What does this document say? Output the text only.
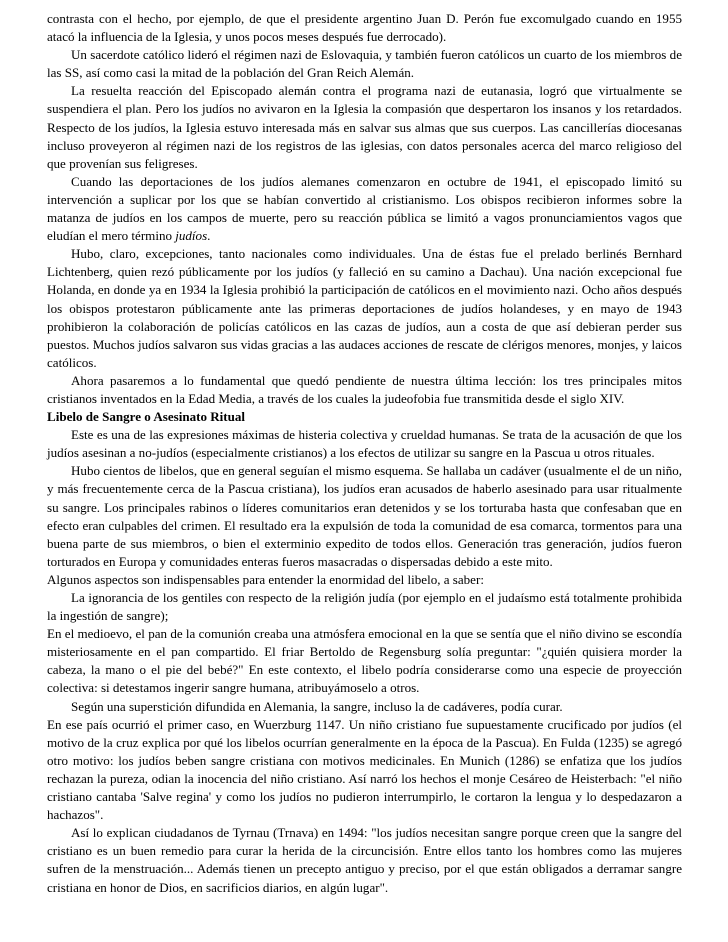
contrasta con el hecho, por ejemplo, de que el presidente argentino Juan D. Perón fue excomulgado cuando en 1955 atacó la influencia de la Iglesia, y unos pocos meses después fue derrocado).

Un sacerdote católico lideró el régimen nazi de Eslovaquia, y también fueron católicos un cuarto de los miembros de las SS, así como casi la mitad de la población del Gran Reich Alemán.

La resuelta reacción del Episcopado alemán contra el programa nazi de eutanasia, logró que virtualmente se suspendiera el plan. Pero los judíos no avivaron en la Iglesia la compasión que despertaron los insanos y los retardados. Respecto de los judíos, la Iglesia estuvo interesada más en salvar sus almas que sus cuerpos. Las cancillerías diocesanas incluso proveyeron al régimen nazi de los registros de las iglesias, con datos personales acerca del marco religioso del que provenían sus feligreses.

Cuando las deportaciones de los judíos alemanes comenzaron en octubre de 1941, el episcopado limitó su intervención a suplicar por los que se habían convertido al cristianismo. Los obispos recibieron informes sobre la matanza de judíos en los campos de muerte, pero su reacción pública se limitó a vagos pronunciamientos vagos que eludían el mero término judíos.

Hubo, claro, excepciones, tanto nacionales como individuales. Una de éstas fue el prelado berlinés Bernhard Lichtenberg, quien rezó públicamente por los judíos (y falleció en su camino a Dachau). Una nación excepcional fue Holanda, en donde ya en 1934 la Iglesia prohibió la participación de católicos en el movimiento nazi. Ocho años después los obispos protestaron públicamente ante las primeras deportaciones de judíos holandeses, y en mayo de 1943 prohibieron la colaboración de policías católicos en las cazas de judíos, aun a costa de que así debieran perder sus puestos. Muchos judíos salvaron sus vidas gracias a las audaces acciones de rescate de clérigos menores, monjes, y laicos católicos.

Ahora pasaremos a lo fundamental que quedó pendiente de nuestra última lección: los tres principales mitos cristianos inventados en la Edad Media, a través de los cuales la judeofobia fue transmitida desde el siglo XIV.

Libelo de Sangre o Asesinato Ritual

Este es una de las expresiones máximas de histeria colectiva y crueldad humanas. Se trata de la acusación de que los judíos asesinan a no-judíos (especialmente cristianos) a los efectos de utilizar su sangre en la Pascua u otros rituales.

Hubo cientos de libelos, que en general seguían el mismo esquema. Se hallaba un cadáver (usualmente el de un niño, y más frecuentemente cerca de la Pascua cristiana), los judíos eran acusados de haberlo asesinado para usar ritualmente su sangre. Los principales rabinos o líderes comunitarios eran detenidos y se los torturaba hasta que confesaban que en efecto eran culpables del crimen. El resultado era la expulsión de toda la comunidad de esa comarca, tormentos para una buena parte de sus miembros, o bien el exterminio expedito de todos ellos. Generación tras generación, judíos fueron torturados en Europa y comunidades enteras fueros masacradas o dispersadas debido a este mito.

Algunos aspectos son indispensables para entender la enormidad del libelo, a saber:

La ignorancia de los gentiles con respecto de la religión judía (por ejemplo en el judaísmo está totalmente prohibida la ingestión de sangre);

En el medioevo, el pan de la comunión creaba una atmósfera emocional en la que se sentía que el niño divino se escondía misteriosamente en el pan compartido. El friar Bertoldo de Regensburg solía preguntar: "¿quién quisiera morder la cabeza, la mano o el pie del bebé?" En este contexto, el libelo podría considerarse como una especie de proyección colectiva: si detestamos ingerir sangre humana, atribuyámoselo a otros.

Según una superstición difundida en Alemania, la sangre, incluso la de cadáveres, podía curar.

En ese país ocurrió el primer caso, en Wuerzburg 1147. Un niño cristiano fue supuestamente crucificado por judíos (el motivo de la cruz explica por qué los libelos ocurrían generalmente en la época de la Pascua). En Fulda (1235) se agregó otro motivo: los judíos beben sangre cristiana con motivos medicinales. En Munich (1286) se enfatiza que los judíos rechazan la pureza, odian la inocencia del niño cristiano. Así narró los hechos el monje Cesáreo de Heisterbach: "el niño cristiano cantaba 'Salve regina' y como los judíos no pudieron interrumpirlo, le cortaron la lengua y lo despedazaron a hachazos".

Así lo explican ciudadanos de Tyrnau (Trnava) en 1494: "los judíos necesitan sangre porque creen que la sangre del cristiano es un buen remedio para curar la herida de la circuncisión. Entre ellos tanto los hombres como las mujeres sufren de la menstruación... Además tienen un precepto antiguo y preciso, por el que están obligados a derramar sangre cristiana en honor de Dios, en sacrificios diarios, en algún lugar".
